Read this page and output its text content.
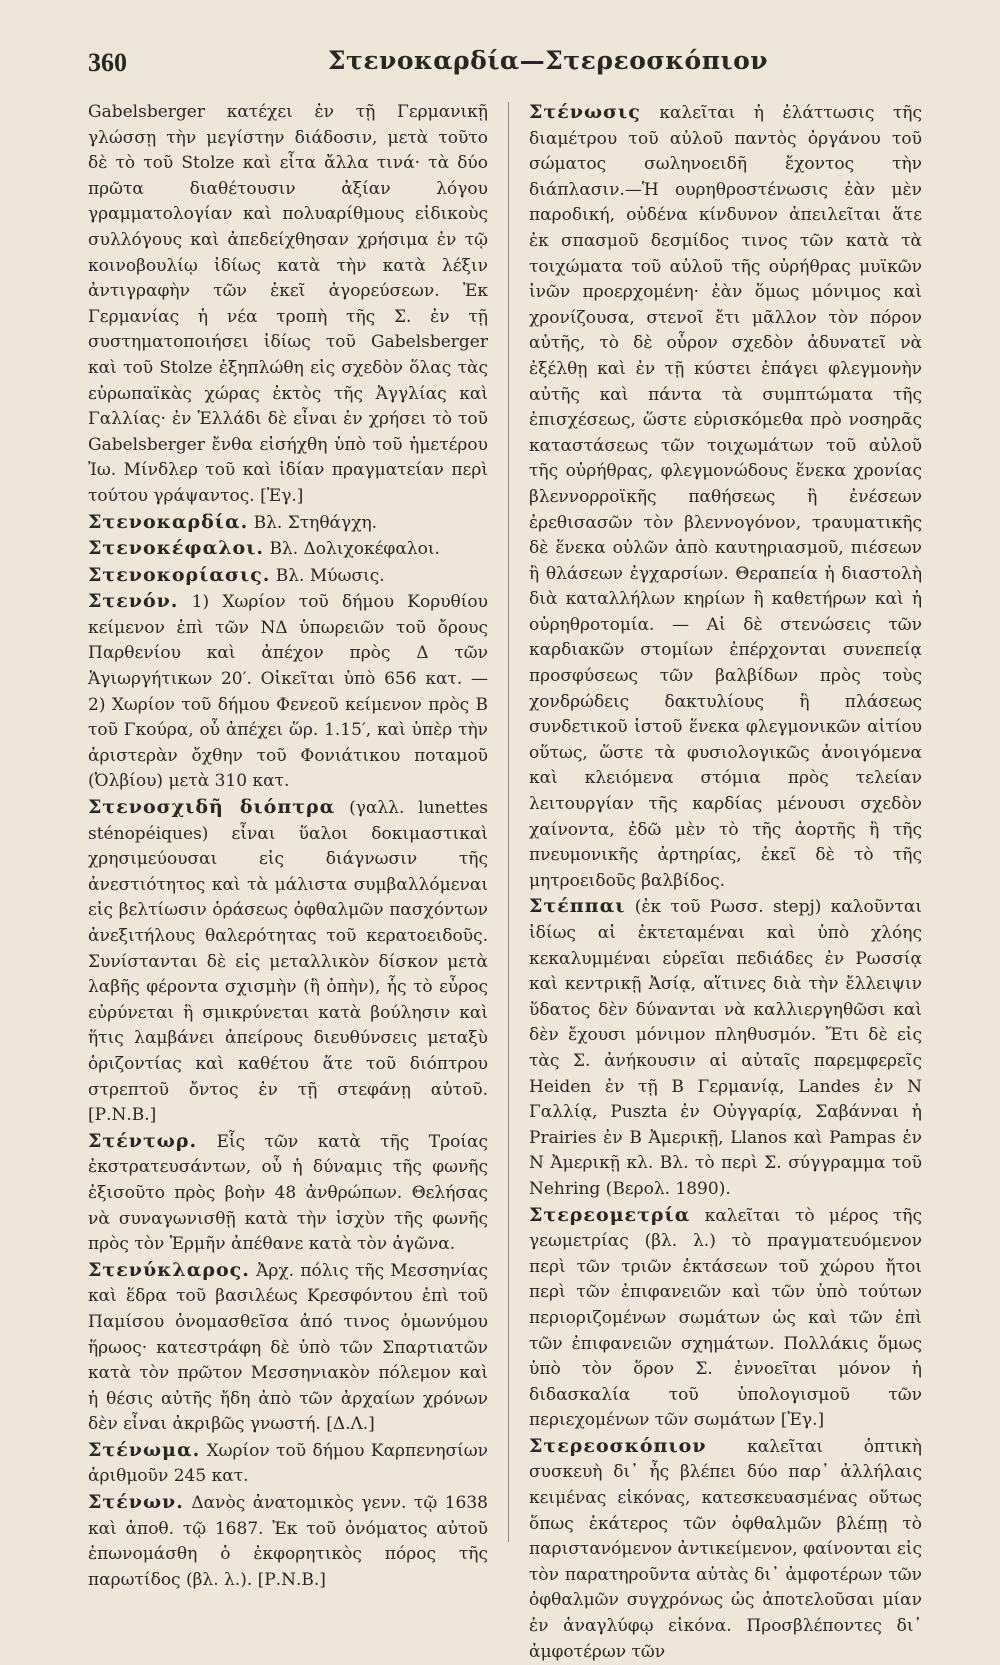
360	Στενοκαρδία—Στερεοσκόπιον

Gabelsberger κατέχει ἐν τῇ Γερμανικῇ γλώσσῃ τὴν μεγίστην διάδοσιν, μετὰ τοῦτο δὲ τὸ τοῦ Stolze καὶ εἶτα ἄλλα τινά· τὰ δύο πρῶτα διαθέτουσιν ἀξίαν λόγου γραμματολογίαν καὶ πολυαρίθμους εἰδικοὺς συλλόγους καὶ ἀπεδείχθησαν χρήσιμα ἐν τῷ κοινοβουλίῳ ἰδίως κατὰ τὴν κατὰ λέξιν ἀντιγραφὴν τῶν ἐκεῖ ἀγορεύσεων. Ἐκ Γερμανίας ἡ νέα τροπὴ τῆς Σ. ἐν τῇ συστηματοποιήσει ἰδίως τοῦ Gabelsberger καὶ τοῦ Stolze ἐξηπλώθη εἰς σχεδὸν ὅλας τὰς εὐρωπαϊκὰς χώρας ἐκτὸς τῆς Ἀγγλίας καὶ Γαλλίας· ἐν Ἑλλάδι δὲ εἶναι ἐν χρήσει τὸ τοῦ Gabelsberger ἔνθα εἰσήχθη ὑπὸ τοῦ ἡμετέρου Ἰω. Μίνδλερ τοῦ καὶ ἰδίαν πραγματείαν περὶ τούτου γράψαντος. [Ἐγ.]

Στενοκαρδία. Βλ. Στηθάγχη.

Στενοκέφαλοι. Βλ. Δολιχοκέφαλοι.

Στενοκορίασις. Βλ. Μύωσις.

Στενόν. 1) Χωρίον τοῦ δήμου Κορυθίου κείμενον ἐπὶ τῶν ΝΔ ὑπωρειῶν τοῦ ὄρους Παρθενίου καὶ ἀπέχον πρὸς Δ τῶν Ἁγιωργήτικων 20′. Οἰκεῖται ὑπὸ 656 κατ. — 2) Χωρίον τοῦ δήμου Φενεοῦ κείμενον πρὸς Β τοῦ Γκούρα, οὗ ἀπέχει ὥρ. 1.15′, καὶ ὑπὲρ τὴν ἀριστερὰν ὄχθην τοῦ Φονιάτικου ποταμοῦ (Ὀλβίου) μετὰ 310 κατ.

Στενοσχιδῆ διόπτρα (γαλλ. lunettes sténopéiques) εἶναι ὕαλοι δοκιμαστικαὶ χρησιμεύουσαι εἰς διάγνωσιν τῆς ἀνεστιότητος καὶ τὰ μάλιστα συμβαλλόμεναι εἰς βελτίωσιν ὁράσεως ὀφθαλμῶν πασχόντων ἀνεξιτήλους θαλερότητας τοῦ κερατοειδοῦς. Συνίστανται δὲ εἰς μεταλλικὸν δίσκον μετὰ λαβῆς φέροντα σχισμὴν (ἢ ὀπὴν), ἧς τὸ εὖρος εὐρύνεται ἢ σμικρύνεται κατὰ βούλησιν καὶ ἥτις λαμβάνει ἀπείρους διευθύνσεις μεταξὺ ὁριζοντίας καὶ καθέτου ἅτε τοῦ διόπτρου στρεπτοῦ ὄντος ἐν τῇ στεφάνῃ αὐτοῦ. [Ρ.Ν.Β.]

Στέντωρ. Εἷς τῶν κατὰ τῆς Τροίας ἐκστρατευσάντων, οὗ ἡ δύναμις τῆς φωνῆς ἐξισοῦτο πρὸς βοὴν 48 ἀνθρώπων. Θελήσας νὰ συναγωνισθῇ κατὰ τὴν ἰσχὺν τῆς φωνῆς πρὸς τὸν Ἑρμῆν ἀπέθανε κατὰ τὸν ἀγῶνα.

Στενύκλαρος. Ἀρχ. πόλις τῆς Μεσσηνίας καὶ ἕδρα τοῦ βασιλέως Κρεσφόντου ἐπὶ τοῦ Παμίσου ὀνομασθεῖσα ἀπό τινος ὁμωνύμου ἥρωος· κατεστράφη δὲ ὑπὸ τῶν Σπαρτιατῶν κατὰ τὸν πρῶτον Μεσσηνιακὸν πόλεμον καὶ ἡ θέσις αὐτῆς ἤδη ἀπὸ τῶν ἀρχαίων χρόνων δὲν εἶναι ἀκριβῶς γνωστή. [Δ.Λ.]

Στένωμα. Χωρίον τοῦ δήμου Καρπενησίων ἀριθμοῦν 245 κατ.

Στένων. Δανὸς ἀνατομικὸς γενν. τῷ 1638 καὶ ἀποθ. τῷ 1687. Ἐκ τοῦ ὀνόματος αὐτοῦ ἐπωνομάσθη ὁ ἐκφορητικὸς πόρος τῆς παρωτίδος (βλ. λ.). [Ρ.Ν.Β.]

Στένωσις καλεῖται ἡ ἐλάττωσις τῆς διαμέτρου τοῦ αὐλοῦ παντὸς ὀργάνου τοῦ σώματος σωληνοειδῆ ἔχοντος τὴν διάπλασιν.—Ἡ ουρηθροστένωσις ἐὰν μὲν παροδική, οὐδένα κίνδυνον ἀπειλεῖται ἅτε ἐκ σπασμοῦ δεσμίδος τινος τῶν κατὰ τὰ τοιχώματα τοῦ αὐλοῦ τῆς οὐρήθρας μυϊκῶν ἰνῶν προερχομένη· ἐὰν ὅμως μόνιμος καὶ χρονίζουσα, στενοῖ ἔτι μᾶλλον τὸν πόρον αὐτῆς, τὸ δὲ οὖρον σχεδὸν ἀδυνατεῖ νὰ ἐξέλθῃ καὶ ἐν τῇ κύστει ἐπάγει φλεγμονὴν αὐτῆς καὶ πάντα τὰ συμπτώματα τῆς ἐπισχέσεως, ὥστε εὑρισκόμεθα πρὸ νοσηρᾶς καταστάσεως τῶν τοιχωμάτων τοῦ αὐλοῦ τῆς οὐρήθρας, φλεγμονώδους ἕνεκα χρονίας βλεννορροϊκῆς παθήσεως ἢ ἐνέσεων ἐρεθισασῶν τὸν βλεννογόνον, τραυματικῆς δὲ ἕνεκα οὐλῶν ἀπὸ καυτηριασμοῦ, πιέσεων ἢ θλάσεων ἐγχαρσίων. Θεραπεία ἡ διαστολὴ διὰ καταλλήλων κηρίων ἢ καθετήρων καὶ ἡ οὐρηθροτομία. — Αἱ δὲ στενώσεις τῶν καρδιακῶν στομίων ἐπέρχονται συνεπείᾳ προσφύσεως τῶν βαλβίδων πρὸς τοὺς χονδρώδεις δακτυλίους ἢ πλάσεως συνδετικοῦ ἱστοῦ ἕνεκα φλεγμονικῶν αἰτίου οὕτως, ὥστε τὰ φυσιολογικῶς ἀνοιγόμενα καὶ κλειόμενα στόμια πρὸς τελείαν λειτουργίαν τῆς καρδίας μένουσι σχεδὸν χαίνοντα, ἐδῶ μὲν τὸ τῆς ἀορτῆς ἢ τῆς πνευμονικῆς ἀρτηρίας, ἐκεῖ δὲ τὸ τῆς μητροειδοῦς βαλβίδος.

Στέππαι (ἐκ τοῦ Ρωσσ. stepj) καλοῦνται ἰδίως αἱ ἐκτεταμέναι καὶ ὑπὸ χλόης κεκαλυμμέναι εὑρεῖαι πεδιάδες ἐν Ρωσσίᾳ καὶ κεντρικῇ Ἀσίᾳ, αἵτινες διὰ τὴν ἔλλειψιν ὕδατος δὲν δύνανται νὰ καλλιεργηθῶσι καὶ δὲν ἔχουσι μόνιμον πληθυσμόν. Ἔτι δὲ εἰς τὰς Σ. ἀνήκουσιν αἱ αὐταῖς παρεμφερεῖς Heiden ἐν τῇ Β Γερμανίᾳ, Landes ἐν Ν Γαλλίᾳ, Puszta ἐν Οὐγγαρίᾳ, Σαβάνναι ἡ Prairies ἐν Β Ἀμερικῇ, Llanos καὶ Pampas ἐν Ν Ἀμερικῇ κλ. Βλ. τὸ περὶ Σ. σύγγραμμα τοῦ Nehring (Βερολ. 1890).

Στερεομετρία καλεῖται τὸ μέρος τῆς γεωμετρίας (βλ. λ.) τὸ πραγματευόμενον περὶ τῶν τριῶν ἐκτάσεων τοῦ χώρου ἤτοι περὶ τῶν ἐπιφανειῶν καὶ τῶν ὑπὸ τούτων περιοριζομένων σωμάτων ὡς καὶ τῶν ἐπὶ τῶν ἐπιφανειῶν σχημάτων. Πολλάκις ὅμως ὑπὸ τὸν ὅρον Σ. ἐννοεῖται μόνον ἡ διδασκαλία τοῦ ὑπολογισμοῦ τῶν περιεχομένων τῶν σωμάτων [Ἐγ.]

Στερεοσκόπιον καλεῖται ὀπτικὴ συσκευὴ δι᾽ ἧς βλέπει δύο παρ᾽ ἀλλήλαις κειμένας εἰκόνας, κατεσκευασμένας οὕτως ὅπως ἑκάτερος τῶν ὀφθαλμῶν βλέπῃ τὸ παριστανόμενον ἀντικείμενον, φαίνονται εἰς τὸν παρατηροῦντα αὐτὰς δι᾽ ἀμφοτέρων τῶν ὀφθαλμῶν συγχρόνως ὡς ἀποτελοῦσαι μίαν ἐν ἀναγλύφῳ εἰκόνα. Προσβλέποντες δι᾽ ἀμφοτέρων τῶν
